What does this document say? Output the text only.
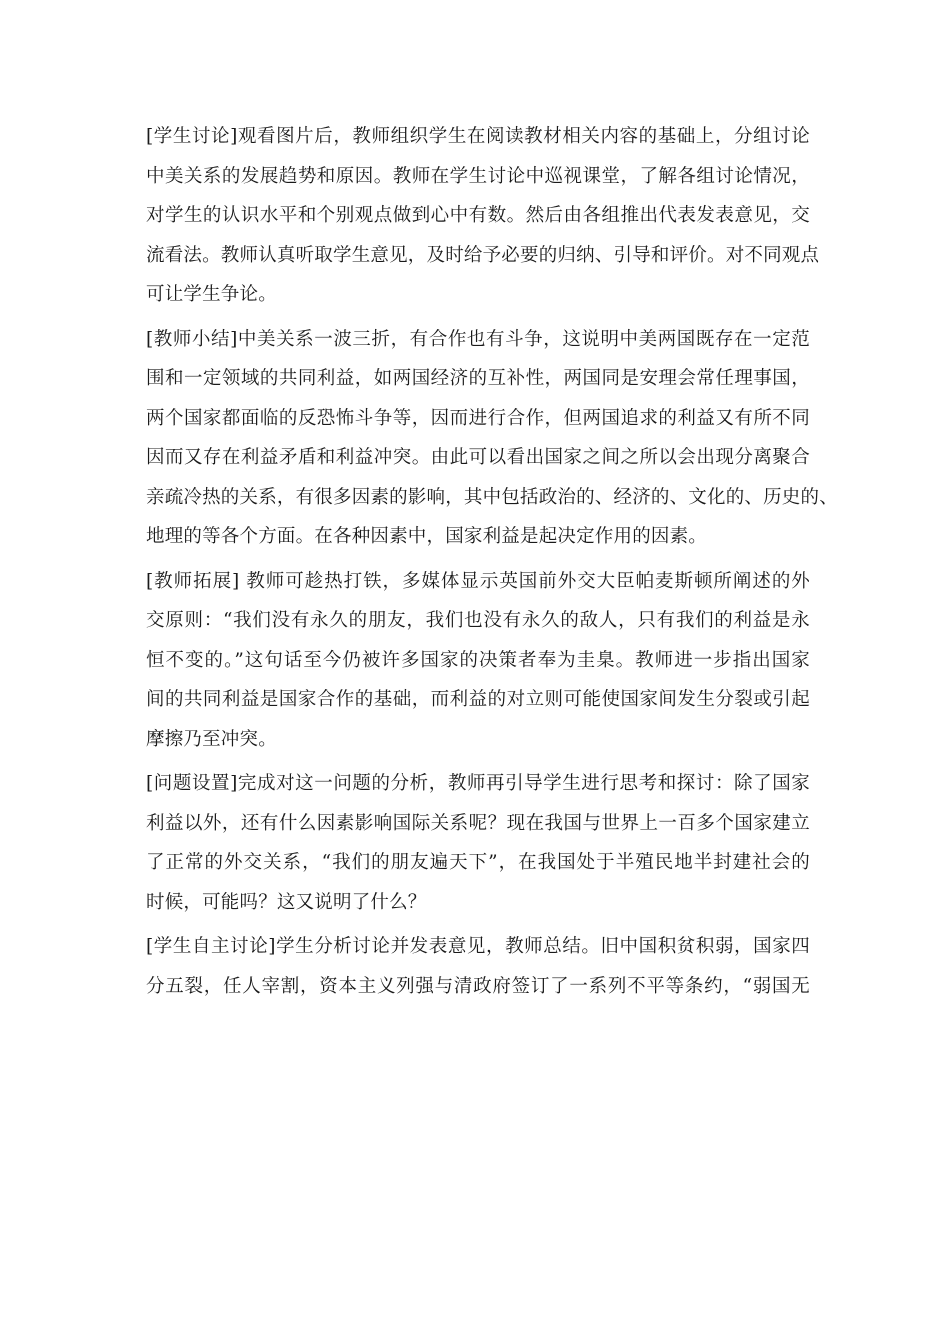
[学生讨论]观看图片后，教师组织学生在阅读教材相关内容的基础上，分组讨论
中美关系的发展趋势和原因。教师在学生讨论中巡视课堂，了解各组讨论情况，
对学生的认识水平和个别观点做到心中有数。然后由各组推出代表发表意见，交
流看法。教师认真听取学生意见，及时给予必要的归纳、引导和评价。对不同观点
可让学生争论。
[教师小结]中美关系一波三折，有合作也有斗争，这说明中美两国既存在一定范
围和一定领域的共同利益，如两国经济的互补性，两国同是安理会常任理事国，
两个国家都面临的反恐怖斗争等，因而进行合作，但两国追求的利益又有所不同
因而又存在利益矛盾和利益冲突。由此可以看出国家之间之所以会出现分离聚合
亲疏冷热的关系，有很多因素的影响，其中包括政治的、经济的、文化的、历史的、
地理的等各个方面。在各种因素中，国家利益是起决定作用的因素。
[教师拓展] 教师可趁热打铁，多媒体显示英国前外交大臣帕麦斯顿所阐述的外
交原则：“我们没有永久的朋友，我们也没有永久的敌人，只有我们的利益是永
恒不变的。”这句话至今仍被许多国家的决策者奉为圭臬。教师进一步指出国家
间的共同利益是国家合作的基础，而利益的对立则可能使国家间发生分裂或引起
摩擦乃至冲突。
[问题设置]完成对这一问题的分析，教师再引导学生进行思考和探讨：除了国家
利益以外，还有什么因素影响国际关系呢？现在我国与世界上一百多个国家建立
了正常的外交关系，“我们的朋友遍天下”，在我国处于半殖民地半封建社会的
时候，可能吗？这又说明了什么？
[学生自主讨论]学生分析讨论并发表意见，教师总结。旧中国积贫积弱，国家四
分五裂，任人宰割，资本主义列强与清政府签订了一系列不平等条约，“弱国无
